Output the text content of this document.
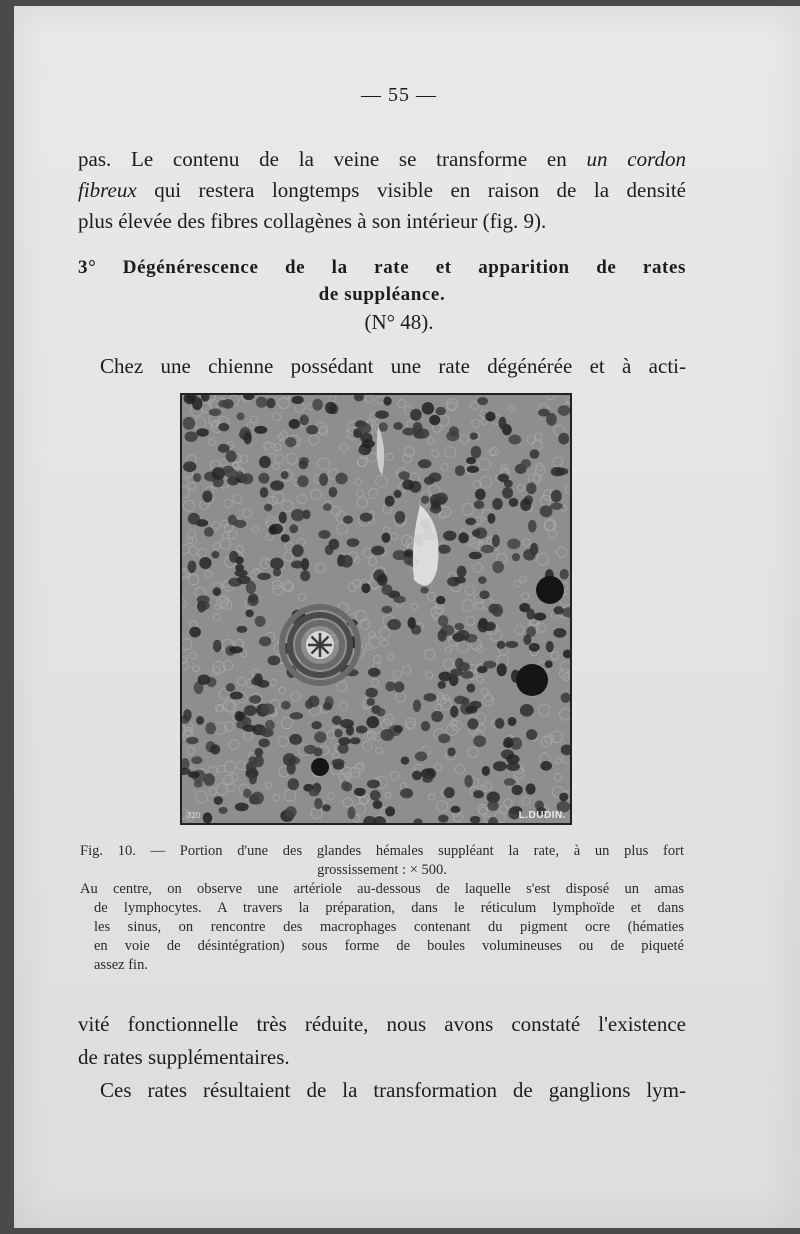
— 55 —
pas. Le contenu de la veine se transforme en un cordon
fibreux qui restera longtemps visible en raison de la densité
plus élevée des fibres collagènes à son intérieur (fig. 9).
3° Dégénérescence de la rate et apparition de rates
de suppléance.
(N° 48).
Chez une chienne possédant une rate dégénérée et à acti-
320	L.DUDIN.
Fig. 10. — Portion d'une des glandes hémales suppléant la rate, à un plus fort
grossissement : × 500.
Au centre, on observe une artériole au-dessous de laquelle s'est disposé un amas
de lymphocytes. A travers la préparation, dans le réticulum lymphoïde et dans
les sinus, on rencontre des macrophages contenant du pigment ocre (hématies
en voie de désintégration) sous forme de boules volumineuses ou de piqueté
assez fin.
vité fonctionnelle très réduite, nous avons constaté l'existence
de rates supplémentaires.
Ces rates résultaient de la transformation de ganglions lym-
